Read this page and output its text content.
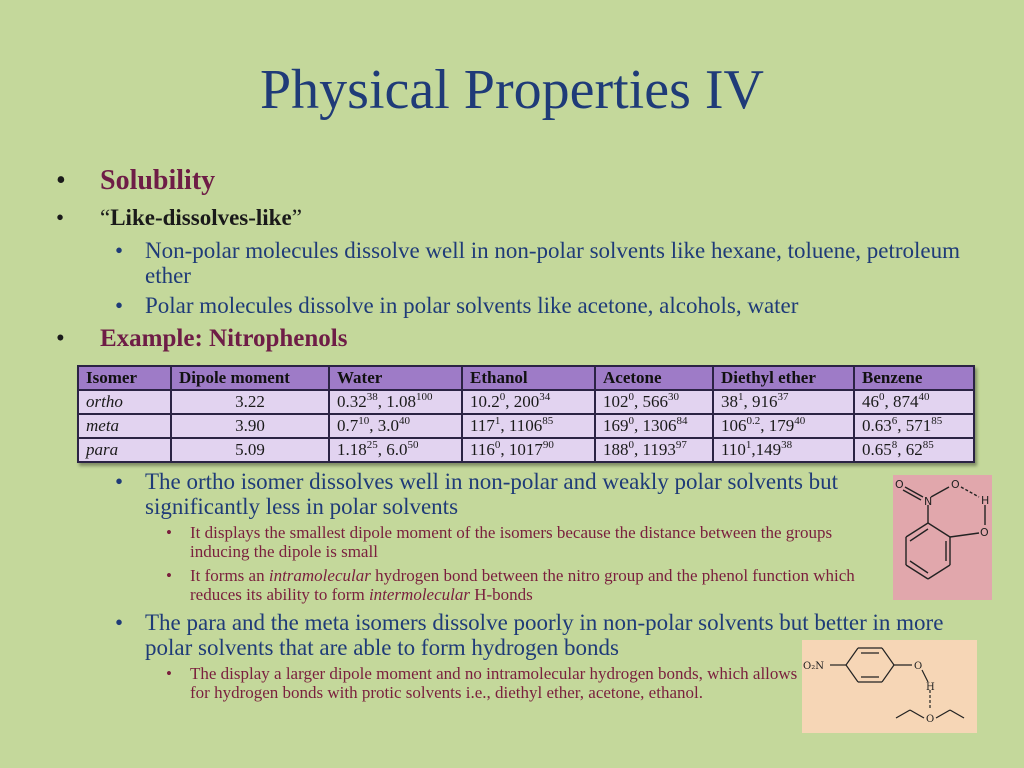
Physical Properties IV
• Solubility
• “Like-dissolves-like”
• Non-polar molecules dissolve well in non-polar solvents like hexane, toluene, petroleum ether
• Polar molecules dissolve in polar solvents like acetone, alcohols, water
• Example: Nitrophenols
Isomer	Dipole moment	Water	Ethanol	Acetone	Diethyl ether	Benzene
ortho	3.22	0.32$^{38}$, 1.08$^{100}$	10.2$^0$, $200^{34}$	$102^0$, $566^{30}$	$38^1$, $916^{37}$	$46^0$, $874^{40}$
meta	3.90	$0.7^{10}$, $3.0^{40}$	$117^1$, 1106$^{85}$	$169^0$, 1306$^{84}$	$106^{0.2}$, $179^{40}$	0.63$^6$, $571^{85}$
para	5.09	1.18$^{25}$, $6.0^{50}$	$116^0$, 1017$^{90}$	$188^0$, 1193$^{97}$	$110^1,149^{38}$	0.65$^8$, $62^{85}$
• The ortho isomer dissolves well in non-polar and weakly polar solvents but significantly less in polar solvents
• It displays the smallest dipole moment of the isomers because the distance between the groups inducing the dipole is small
• It forms an intramolecular hydrogen bond between the nitro group and the phenol function which reduces its ability to form intermolecular H-bonds
• The para and the meta isomers dissolve poorly in non-polar solvents but better in more polar solvents that are able to form hydrogen bonds
• The display a larger dipole moment and no intramolecular hydrogen bonds, which allows for hydrogen bonds with protic solvents i.e., diethyl ether, acetone, ethanol.
O	O
N	H
O
O₂N	O
H
O
